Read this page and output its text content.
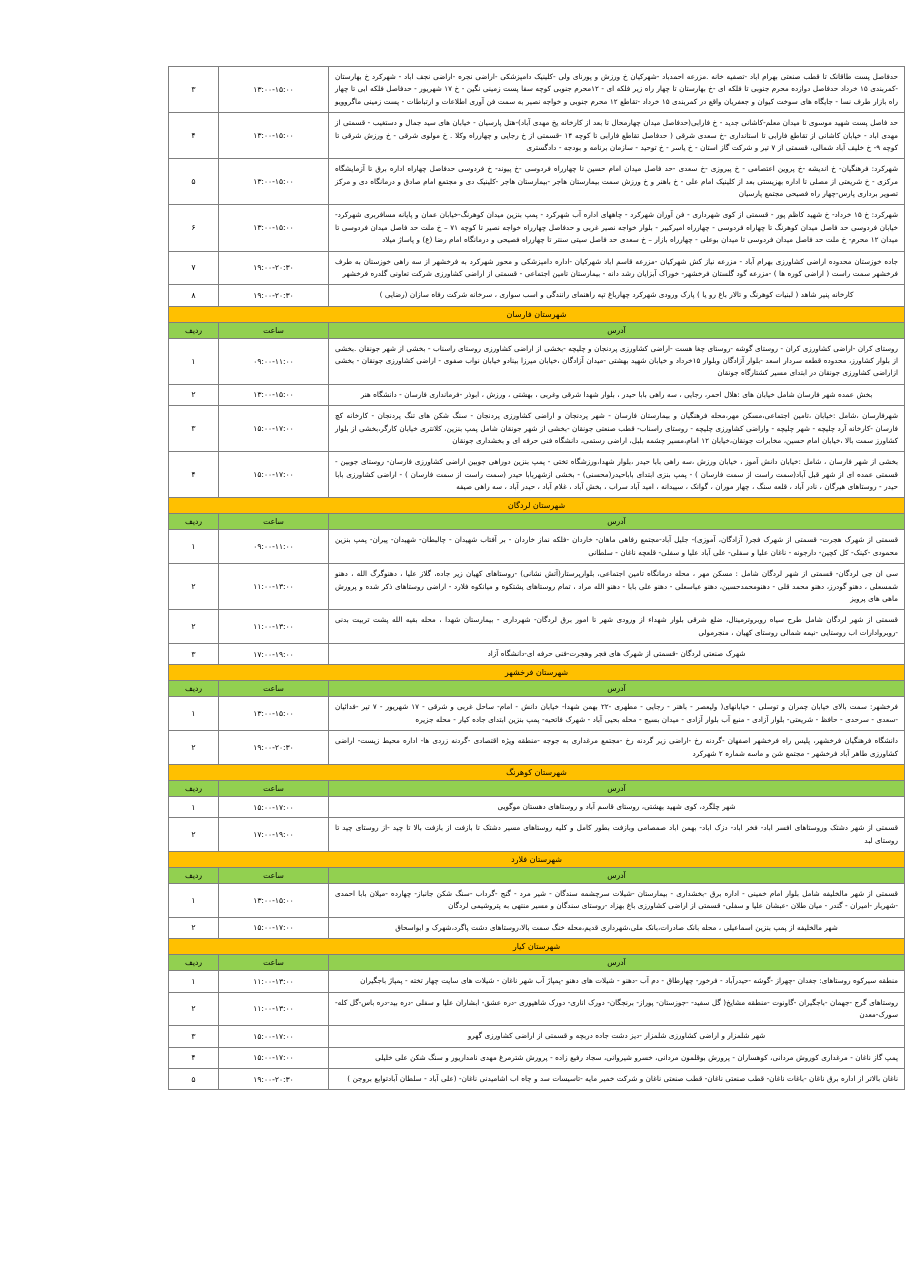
حدفاصل پست طاقانک تا قطب صنعتی بهرام اباد -تصفیه خانه .مزرعه احمدباد -شهرکیان خ ورزش و پورنای ولی -کلینیک دامپزشکی -اراضی نجره -اراضی نجف اباد - شهرکرد خ بهارستان -کمربندی ۱۵ خرداد حدفاصل دوازده محرم جنوبی تا فلکه ای -خ بهارستان تا چهار راه زیر فلکه ای - ۱۲محرم جنوبی کوچه سفا پست زمینی نگین - خ ۱۷ شهریور - حدفاصل فلکه ابی تا چهار راه بازار طرف نسا - جایگاه های سوخت کیوان و جعفریان واقع در کمربندی ۱۵ خرداد -تقاطع ۱۲ محرم جنوبی و خواجه نصیر به سمت فن آوری اطلاعات و ارتباطات - پست زمینی ماگروویو	۱۳:۰۰-۱۵:۰۰	۳
حد فاصل پست شهید موسوی تا میدان معلم-کاشانی جدید - خ فارابی(حدفاصل میدان چهارمحال تا بعد از کارخانه یخ مهدی آباد)-هتل پارسیان - خیابان های سید جمال و دستغیب - قسمتی از مهدی اباد - خیابان کاشانی از تقاطع فارابی تا استانداری -خ سعدی شرقی ( حدفاصل تقاطع فارابی تا کوچه ۱۴ -قسمتی از خ رجایی و چهارراه وکلا . خ مولوی شرقی - خ ورزش شرقی تا کوچه ۹- خ خلیف آباد شمالی، قسمتی از ۷ تیر و شرکت گاز استان - خ یاسر - خ توحید - سازمان برنامه و بودجه - دادگستری	۱۳:۰۰-۱۵:۰۰	۴
شهرکرد: فرهنگیان- خ اندیشه -خ پروین اعتصامی - خ پیروزی -خ سعدی -حد فاصل میدان امام حسین تا چهارراه فردوسی -خ پیوند- خ فردوسی حدفاصل چهاراه اداره برق تا آزمایشگاه مرکزی - خ شریعتی از مصلی تا اداره بهزیستی بعد از کلینیک امام علی - خ باهنر و خ ورزش سمت بیمارستان هاجر -بیمارستان هاجر -کلینیک دی و مجتمع امام صادق و درمانگاه دی و مرکز تصویر برداری پارس-چهار راه فصیحی مجتمع پارسیان	۱۳:۰۰-۱۵:۰۰	۵
شهرکرد: خ ۱۵ خرداد- خ شهید کاظم پور - قسمتی از کوی شهرداری - فن آوران شهرکرد - چاههای اداره آب شهرکرد - پمپ بنزین میدان کوهرنگ-خیابان عمان و پایانه مسافربری شهرکرد- خیابان فردوسی حد فاصل میدان کوهرنگ تا چهاراه فردوسی - چهارراه امیرکبیر - بلوار خواجه نصیر غربی و حدفاصل چهارراه خواجه نصیر تا کوچه ۷۱ – خ ملت حد فاصل میدان فردوسی تا میدان ۱۲ محرم- خ ملت حد فاصل میدان فردوسی تا میدان بوعلی - چهارراه بازار – خ سعدی حد فاصل سیتی سنتر تا چهارراه فصیحی و درمانگاه امام رضا (ع) و پاساژ میلاد	۱۳:۰۰-۱۵:۰۰	۶
جاده خوزستان محدوده اراضی کشاورزی بهرام آباد - مزرعه نیاز کش شهرکیان -مزرعه قاسم اباد شهرکیان -اداره دامپزشکی و محور شهرکرد به فرخشهر از سه راهی خوزستان به طرف فرخشهر سمت راست ( اراضی کوره ها ) -مزرعه گود گلستان فرخشهر- خوراک آبزایان رشد دانه - بیمارستان تامین اجتماعی - قسمتی از اراضی کشاورزی شرکت تعاونی گلدره فرخشهر	۱۹:۰۰-۲۰:۳۰	۷
کارخانه پنیر شاهد ( لبنیات کوهرنگ و تالار باغ رو یا ) پارک ورودی شهرکرد چهارباغ تپه راهنمای رانندگی و اسب سواری ، سرخانه شرکت رفاه سازان (رضایی )	۱۹:۰۰-۲۰:۳۰	۸
شهرستان فارسان		
آدرس	ساعت	ردیف
روستای کران -اراضی کشاورزی کران - روستای گوشه -روستای چغا هست -اراضی کشاورزی پردنجان و چلیچه -بخشی از اراضی کشاورزی روستای راسناب - بخشی از شهر جونقان .بخشی از بلوار کشاورز، محدوده قطعه سردار اسعد -بلوار آزادگان وبلوار ۱۵خرداد و خیابان شهید بهشتی -میدان آزادگان ،خیابان میرزا بینادو خیابان نواب صفوی - اراضی کشاورزی جونقان - بخشی ازاراضی کشاورزی جونقان در ابتدای مسیر کشتارگاه جونقان	۰۹:۰۰-۱۱:۰۰	۱
بخش عمده شهر فارسان شامل خیابان های :هلال احمر، رجایی ، سه راهی بابا حیدر ، بلوار شهدا شرقی وغربی ، بهشتی ، ورزش ، ابوذر -فرمانداری فارسان - دانشگاه هنر	۱۳:۰۰-۱۵:۰۰	۲
شهرفارسان ،شامل :خیابان ،تامین اجتماعی،مسکن مهر،محله فرهنگیان و بیمارستان فارسان - شهر پردنجان و اراضی کشاورزی پردنجان - سنگ شکن های تنگ پردنجان - کارخانه کچ فارسان -کارخانه آرد چلیچه - شهر چلیچه - واراضی کشاورزی چلیچه - روستای راسناب- قطب صنعتی جونقان -بخشی از شهر جونقان شامل پمپ بنزین، کلانتری خیابان کارگر،بخشی از بلوار کشاورز سمت بالا ،خیابان امام حسین، مخابرات جونقان،خیابان ۱۲ امام،مسیر چشمه بلبل، اراضی رستمی، دانشگاه فنی حرفه ای و بخشداری جونقان	۱۵:۰۰-۱۷:۰۰	۳
بخشی از شهر فارسان ، شامل :خیابان دانش آموز ، خیابان ورزش ،سه راهی بابا حیدر ،بلوار شهدا،ورزشگاه تختی - پمپ بنزین دوراهی جوبین اراضی کشاورزی فارسان- روستای جوبین - قسمتی عمده ای از شهر قبل آباد(سمت راست از سمت فارسان ) - پمپ بنزی ابتدای باباحیدر(محسنی) - بخشی ازشهربابا حیدر (سمت راست از سمت فارسان ) - اراضی کشاورزی بابا حیدر - روستاهای هیرگان ، نادر آباد ، قلعه سنگ ، چهار موران ، گوانک ، سپیدانه ، امید آباد سراب ، بخش آباد ، غلام آباد ، حیدر آباد ، سه راهی صیفه	۱۵:۰۰-۱۷:۰۰	۴
شهرستان لردگان		
آدرس	ساعت	ردیف
قسمتی از شهرک هجرت- قسمتی از شهرک فجر( آزادگان، آموزی)- جلیل آباد-مجتمع رفاهی ماهان- خاردان -فلکه نماز خاردان - بر آفتاب شهیدان - چالبطان- شهیدان- پیران- پمپ بنزین محمودی -کینک- کل کچین- دارجونه - ناغان علیا و سفلی- علی آباد علیا و سفلی- قلعچه ناغان - سلطانی	۰۹:۰۰-۱۱:۰۰	۱
سی ان جی لردگان- قسمتی از شهر لردگان شامل : مسکن مهر ، محله درمانگاه تامین اجتماعی، بلوارپرستار(آتش نشانی) -روستاهای کهیان زیر جاده، گلاز علیا ، دهنوگرگ الله ، دهنو شمسعلی ، دهنو گودرز، دهنو محمد قلی - دهنومحمدحسین، دهنو عباسعلی - دهنو علی بابا - دهنو الله مراد ، تمام روستاهای پشتکوه و میانکوه فلارد - اراضی روستاهای ذکر شده و پرورش ماهی های پرویز	۱۱:۰۰-۱۳:۰۰	۲
قسمتی از شهر لردگان شامل طرح سیاه روبروترمینال، ضلع شرقی بلوار شهداء از ورودی شهر تا امور برق لردگان- شهرداری - بیمارستان شهدا ، محله بقیه الله پشت تربیت بدنی -روبروادارات اب روستایی -نیمه شمالی روستای کهیان ، منجرمولی	۱۱:۰۰-۱۳:۰۰	۲
شهرک صنعتی لردگان -قسمتی از شهرک های فجر وهجرت-فنی حرفه ای-دانشگاه آزاد	۱۷:۰۰-۱۹:۰۰	۳
شهرستان فرخشهر		
آدرس	ساعت	ردیف
فرخشهر: سمت بالای خیابان چمران و توسلی - خیابانهای( ولیعصر - باهنر - رجایی - مطهری -۲۲ بهمن شهدا- خیابان دانش - امام- ساحل غربی و شرقی - ۱۷ شهریور - ۷ تیر -فدائیان -سعدی - سرحدی - حافظ - شریعتی- بلوار آزادی - منبع آب بلوار آزادی - میدان بسیج - محله بحیی آباد - شهرک فاتحیه- پمپ بنزین ابتدای جاده کیار - محله جزیره	۱۳:۰۰-۱۵:۰۰	۱
دانشگاه فرهنگیان فرخشهر، پلیس راه فرخشهر اصفهان -گردنه رخ -اراضی زیر گردنه رخ -مجتمع مرغداری به جوجه -منطقه ویژه اقتصادی -گردنه زردی ها- اداره محیط زیست- اراضی کشاورزی طاهر آباد فرخشهر - مجتمع شن و ماسه شماره ۲ شهرکرد	۱۹:۰۰-۲۰:۳۰	۲
شهرستان کوهرنگ		
آدرس	ساعت	ردیف
شهر چلگرد، کوی شهید بهشتی، روستای قاسم آباد و روستاهای دهستان موگویی	۱۵:۰۰-۱۷:۰۰	۱
قسمتی از شهر دشتک وروستاهای افسر اباد- فخر اباد- دزک اباد- بهمن اباد صمصامی وبازفت بطور کامل و کلیه روستاهای مسیر دشتک تا بازفت از بازفت بالا تا چید -از روستای چید تا روستای لبد	۱۷:۰۰-۱۹:۰۰	۲
شهرستان فلارد		
آدرس	ساعت	ردیف
قسمتی از شهر مالخلیفه شامل بلوار امام خمینی - اداره برق -بخشداری - بیمارستان -شیلات سرچشمه سندگان - شیر مرد - گنج -گرداب -سنگ شکن جانباز- چهارده -میلان بابا احمدی -شهربار -امیران - گندر - میان طلان -عبشان علیا و سفلی- قسمتی از اراضی کشاورزی باغ بهزاد -روستای سندگان و مسیر منتهی به پتروشیمی لردگان	۱۳:۰۰-۱۵:۰۰	۱
شهر مالخلیفه از پمپ بنزین اسماعیلی ، محله بانک صادرات،بانک ملی،شهرداری قدیم،محله خنگ سمت بالا،روستاهای دشت پاگرد،شهرک و ابواسحاق	۱۵:۰۰-۱۷:۰۰	۲
شهرستان کیار		
آدرس	ساعت	ردیف
منطقه سیرکوه روستاهای: جغدان -چهراز -گوشه -حیدرآباد - فرخور- چهارطاق - دم آب -دهنو - شیلات های دهنو -پمپاژ آب شهر ناغان - شیلات های سایت چهار تخته - پمپاژ باجگیران	۱۱:۰۰-۱۳:۰۰	۱
روستاهای گرج -جهمان -باجگیران -گاونوت -منطقه مشایخ( گل سفید- -جوزستان- پوراز- برنجگان- دورک اناری- دورک شاهپوری -دره عشق- ابشاران علیا و سفلی -دره بید-دره باس-گل کله-سورک-معدن	۱۱:۰۰-۱۳:۰۰	۲
شهر شلمزار و اراضی کشاورزی شلمزار -دیز دشت جاده دربچه و قسمتی از اراضی کشاورزی گهرو	۱۵:۰۰-۱۷:۰۰	۳
پمپ گاز ناغان - مرغداری کوروش مردانی، کوهساران - پرورش بوقلمون مردانی، خسرو شیروانی، سجاد رفیع زاده - پرورش شترمرغ مهدی نامداریور و سنگ شکن علی خلیلی	۱۵:۰۰-۱۷:۰۰	۴
ناغان بالاتر از اداره برق ناغان -باغات ناغان- قطب صنعتی ناغان- قطب صنعتی ناغان و شرکت خمیر مایه -تاسیسات سد و چاه اب اشامیدنی ناغان- (علی آباد - سلطان آبادتوابع بروجن )	۱۹:۰۰-۲۰:۳۰	۵
